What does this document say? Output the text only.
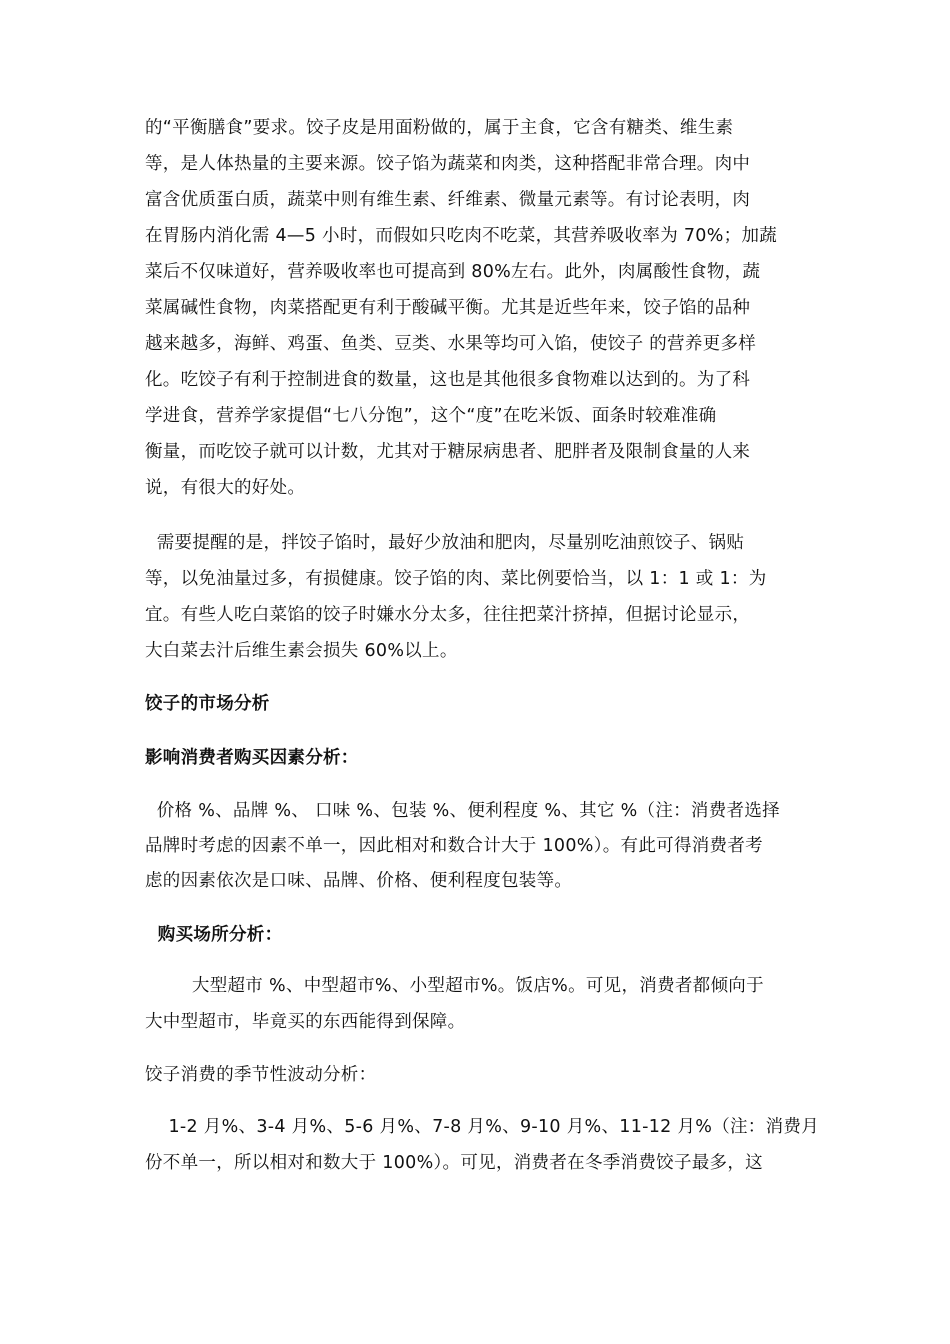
的“平衡膳食”要求。饺子皮是用面粉做的，属于主食，它含有糖类、维生素
等，是人体热量的主要来源。饺子馅为蔬菜和肉类，这种搭配非常合理。肉中
富含优质蛋白质，蔬菜中则有维生素、纤维素、微量元素等。有讨论表明，肉
在胃肠内消化需 4—5 小时，而假如只吃肉不吃菜，其营养吸收率为 70%；加蔬
菜后不仅味道好，营养吸收率也可提高到 80%左右。此外，肉属酸性食物，蔬
菜属碱性食物，肉菜搭配更有利于酸碱平衡。尤其是近些年来，饺子馅的品种
越来越多，海鲜、鸡蛋、鱼类、豆类、水果等均可入馅，使饺子 的营养更多样
化。吃饺子有利于控制进食的数量，这也是其他很多食物难以达到的。为了科
学进食，营养学家提倡“七八分饱”，这个“度”在吃米饭、面条时较难准确
衡量，而吃饺子就可以计数，尤其对于糖尿病患者、肥胖者及限制食量的人来
说，有很大的好处。
需要提醒的是，拌饺子馅时，最好少放油和肥肉，尽量别吃油煎饺子、锅贴
等，以免油量过多，有损健康。饺子馅的肉、菜比例要恰当，以 1：1 或 1：为
宜。有些人吃白菜馅的饺子时嫌水分太多，往往把菜汁挤掉，但据讨论显示，
大白菜去汁后维生素会损失 60%以上。
饺子的市场分析
影响消费者购买因素分析：
价格 %、品牌 %、 口味 %、包装 %、便利程度 %、其它 %（注：消费者选择
品牌时考虑的因素不单一，因此相对和数合计大于 100%）。有此可得消费者考
虑的因素依次是口味、品牌、价格、便利程度包装等。
购买场所分析：
大型超市 %、中型超市%、小型超市%。饭店%。可见，消费者都倾向于
大中型超市，毕竟买的东西能得到保障。
饺子消费的季节性波动分析：
1-2 月%、3-4 月%、5-6 月%、7-8 月%、9-10 月%、11-12 月%（注：消费月
份不单一，所以相对和数大于 100%）。可见，消费者在冬季消费饺子最多，这
